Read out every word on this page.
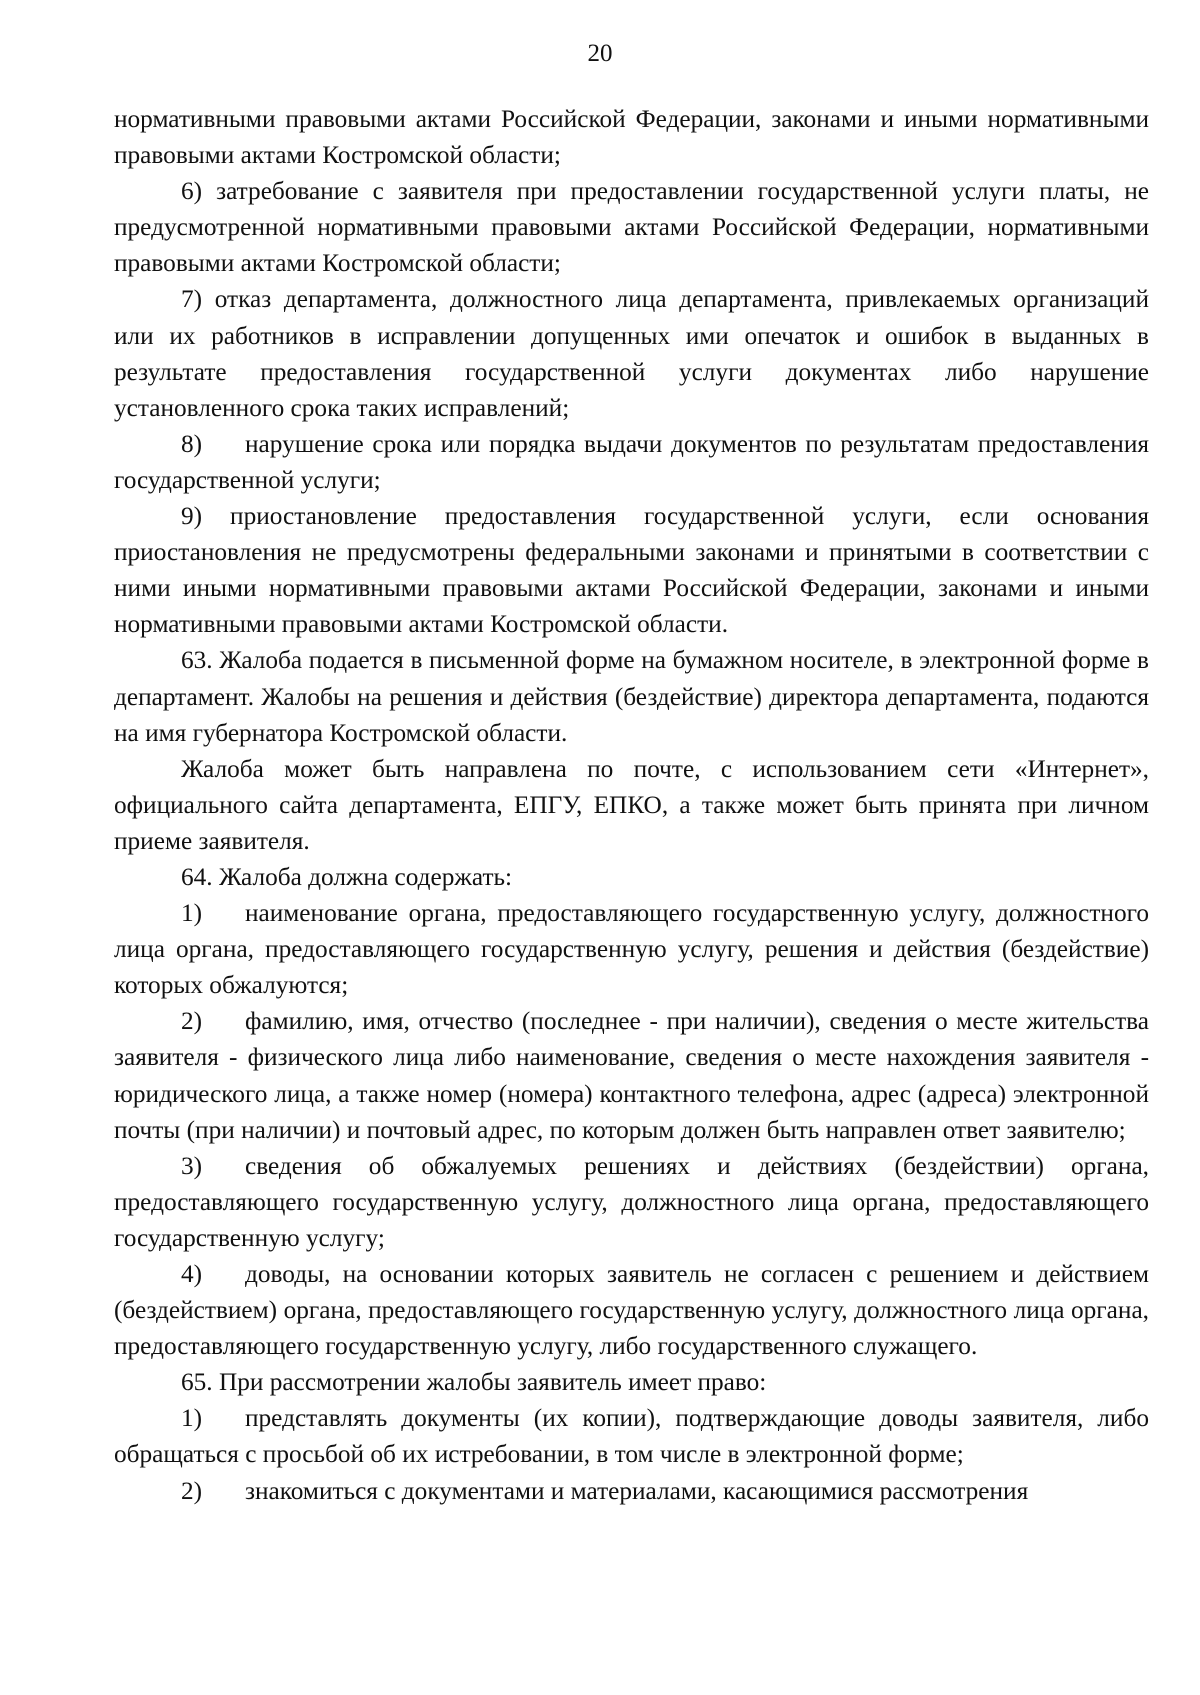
20

нормативными правовыми актами Российской Федерации, законами и иными нормативными правовыми актами Костромской области;

6) затребование с заявителя при предоставлении государственной услуги платы, не предусмотренной нормативными правовыми актами Российской Федерации, нормативными правовыми актами Костромской области;

7) отказ департамента, должностного лица департамента, привлекаемых организаций или их работников в исправлении допущенных ими опечаток и ошибок в выданных в результате предоставления государственной услуги документах либо нарушение установленного срока таких исправлений;

8) нарушение срока или порядка выдачи документов по результатам предоставления государственной услуги;

9) приостановление предоставления государственной услуги, если основания приостановления не предусмотрены федеральными законами и принятыми в соответствии с ними иными нормативными правовыми актами Российской Федерации, законами и иными нормативными правовыми актами Костромской области.

63. Жалоба подается в письменной форме на бумажном носителе, в электронной форме в департамент. Жалобы на решения и действия (бездействие) директора департамента, подаются на имя губернатора Костромской области.

Жалоба может быть направлена по почте, с использованием сети «Интернет», официального сайта департамента, ЕПГУ, ЕПКО, а также может быть принята при личном приеме заявителя.

64. Жалоба должна содержать:

1) наименование органа, предоставляющего государственную услугу, должностного лица органа, предоставляющего государственную услугу, решения и действия (бездействие) которых обжалуются;

2) фамилию, имя, отчество (последнее - при наличии), сведения о месте жительства заявителя - физического лица либо наименование, сведения о месте нахождения заявителя - юридического лица, а также номер (номера) контактного телефона, адрес (адреса) электронной почты (при наличии) и почтовый адрес, по которым должен быть направлен ответ заявителю;

3) сведения об обжалуемых решениях и действиях (бездействии) органа, предоставляющего государственную услугу, должностного лица органа, предоставляющего государственную услугу;

4) доводы, на основании которых заявитель не согласен с решением и действием (бездействием) органа, предоставляющего государственную услугу, должностного лица органа, предоставляющего государственную услугу, либо государственного служащего.

65. При рассмотрении жалобы заявитель имеет право:

1) представлять документы (их копии), подтверждающие доводы заявителя, либо обращаться с просьбой об их истребовании, в том числе в электронной форме;

2) знакомиться с документами и материалами, касающимися рассмотрения
